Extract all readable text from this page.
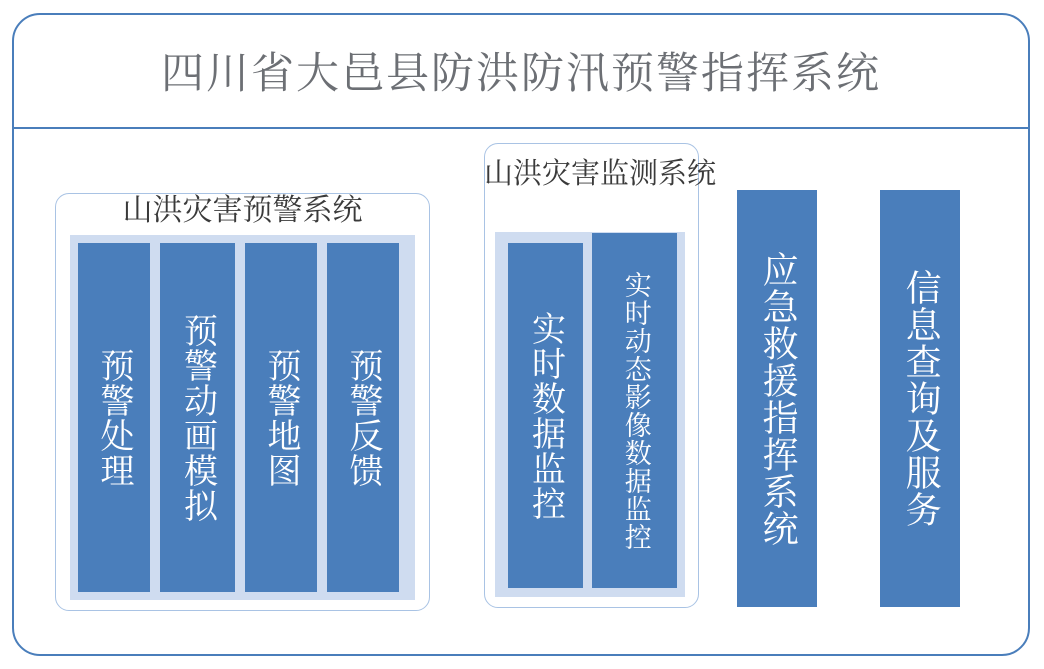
四川省大邑县防洪防汛预警指挥系统
山洪灾害预警系统
预警处理 预警动画模拟 预警地图 预警反馈
山洪灾害监测系统
实时数据监控 实时动态影像数据监控	应急救援指挥系统	信息查询及服务
